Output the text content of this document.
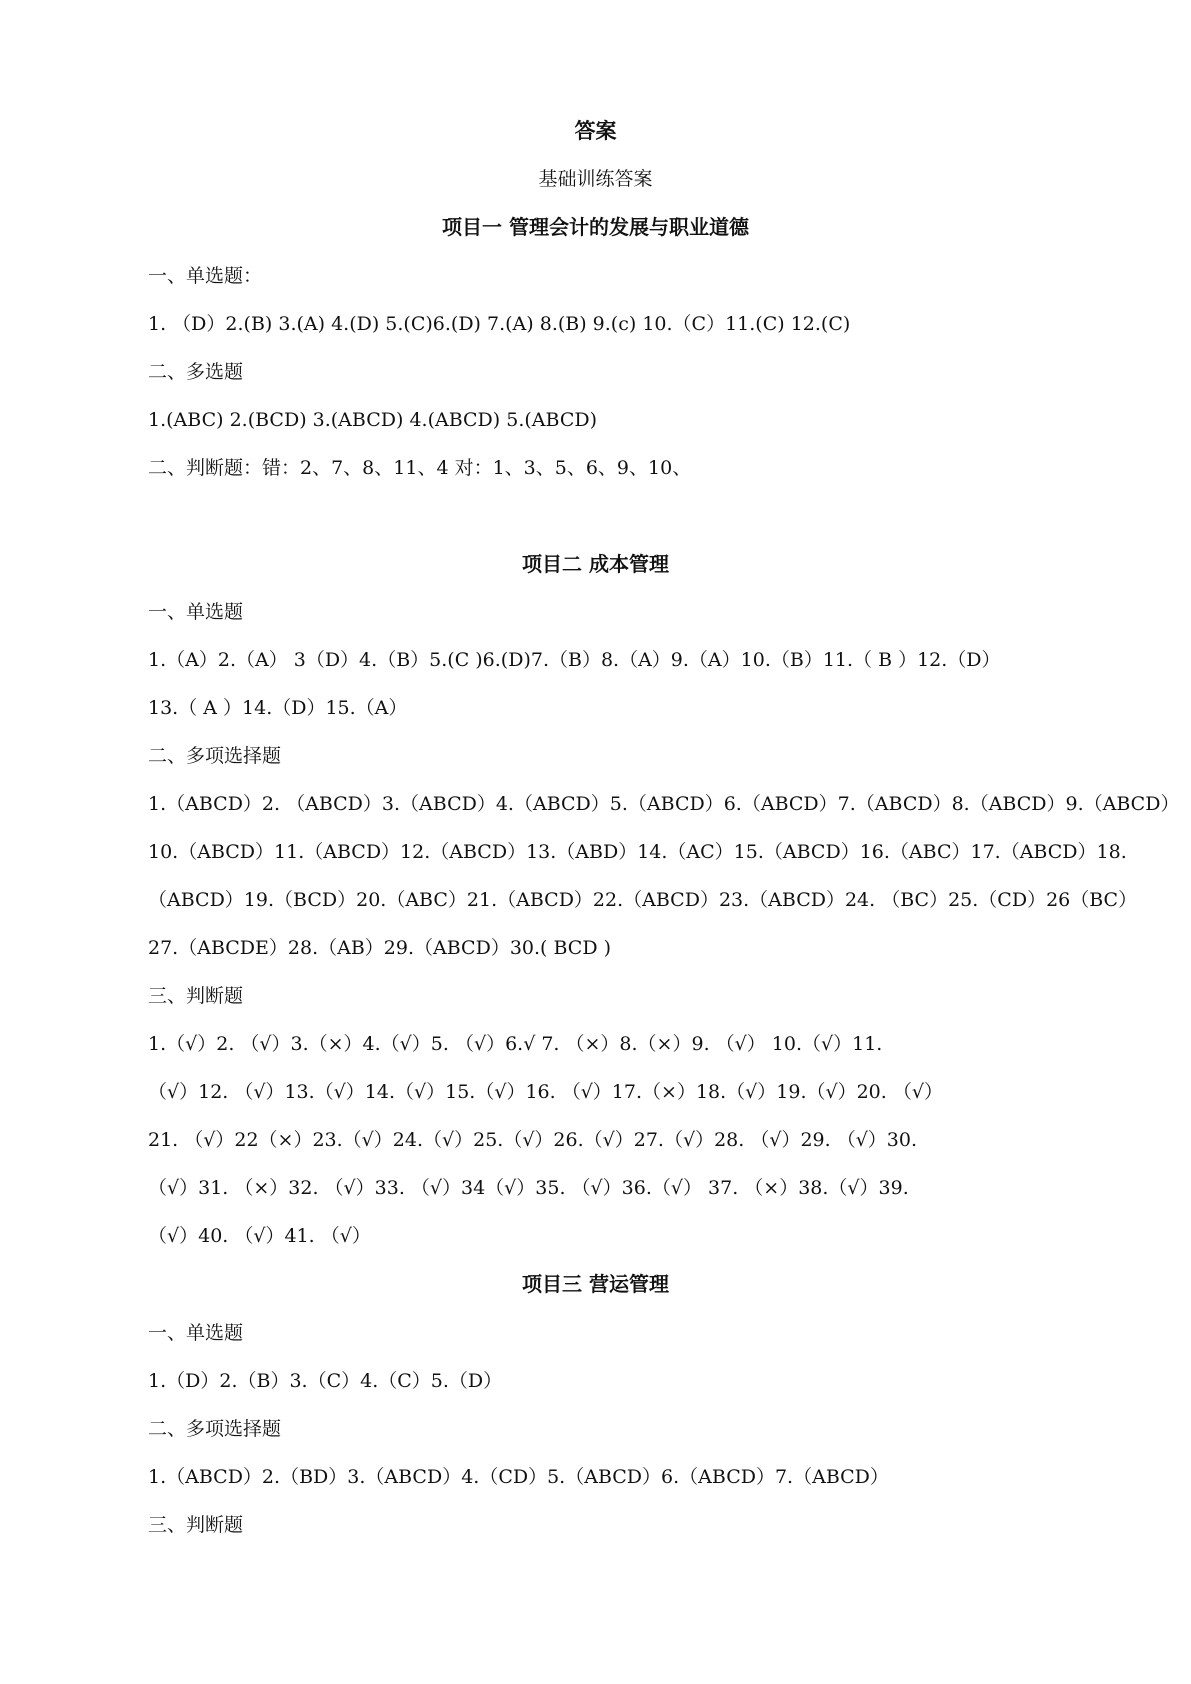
答案
基础训练答案
项目一 管理会计的发展与职业道德
一、单选题：
1. （D）2.(B) 3.(A) 4.(D) 5.(C)6.(D) 7.(A) 8.(B) 9.(c) 10.（C）11.(C) 12.(C)
二、多选题
1.(ABC) 2.(BCD) 3.(ABCD) 4.(ABCD) 5.(ABCD)
二、判断题：错：2、7、8、11、4 对：1、3、5、6、9、10、
项目二 成本管理
一、单选题
1.（A）2.（A） 3（D）4.（B）5.(C )6.(D)7.（B）8.（A）9.（A）10.（B）11.（ B ）12.（D）
13.（ A ）14.（D）15.（A）
二、多项选择题
1.（ABCD）2. （ABCD）3.（ABCD）4.（ABCD）5.（ABCD）6.（ABCD）7.（ABCD）8.（ABCD）9.（ABCD）
10.（ABCD）11.（ABCD）12.（ABCD）13.（ABD）14.（AC）15.（ABCD）16.（ABC）17.（ABCD）18.
（ABCD）19.（BCD）20.（ABC）21.（ABCD）22.（ABCD）23.（ABCD）24. （BC）25.（CD）26（BC）
27.（ABCDE）28.（AB）29.（ABCD）30.( BCD )
三、判断题
1.（√）2. （√）3.（×）4.（√）5. （√）6.√ 7. （×）8.（×）9. （√） 10.（√）11.
（√）12. （√）13.（√）14.（√）15.（√）16. （√）17.（×）18.（√）19.（√）20. （√）
21. （√）22（×）23.（√）24.（√）25.（√）26.（√）27.（√）28. （√）29. （√）30.
（√）31. （×）32. （√）33. （√）34（√）35. （√）36.（√） 37. （×）38.（√）39.
（√）40. （√）41. （√）
项目三 营运管理
一、单选题
1.（D）2.（B）3.（C）4.（C）5.（D）
二、多项选择题
1.（ABCD）2.（BD）3.（ABCD）4.（CD）5.（ABCD）6.（ABCD）7.（ABCD）
三、判断题
